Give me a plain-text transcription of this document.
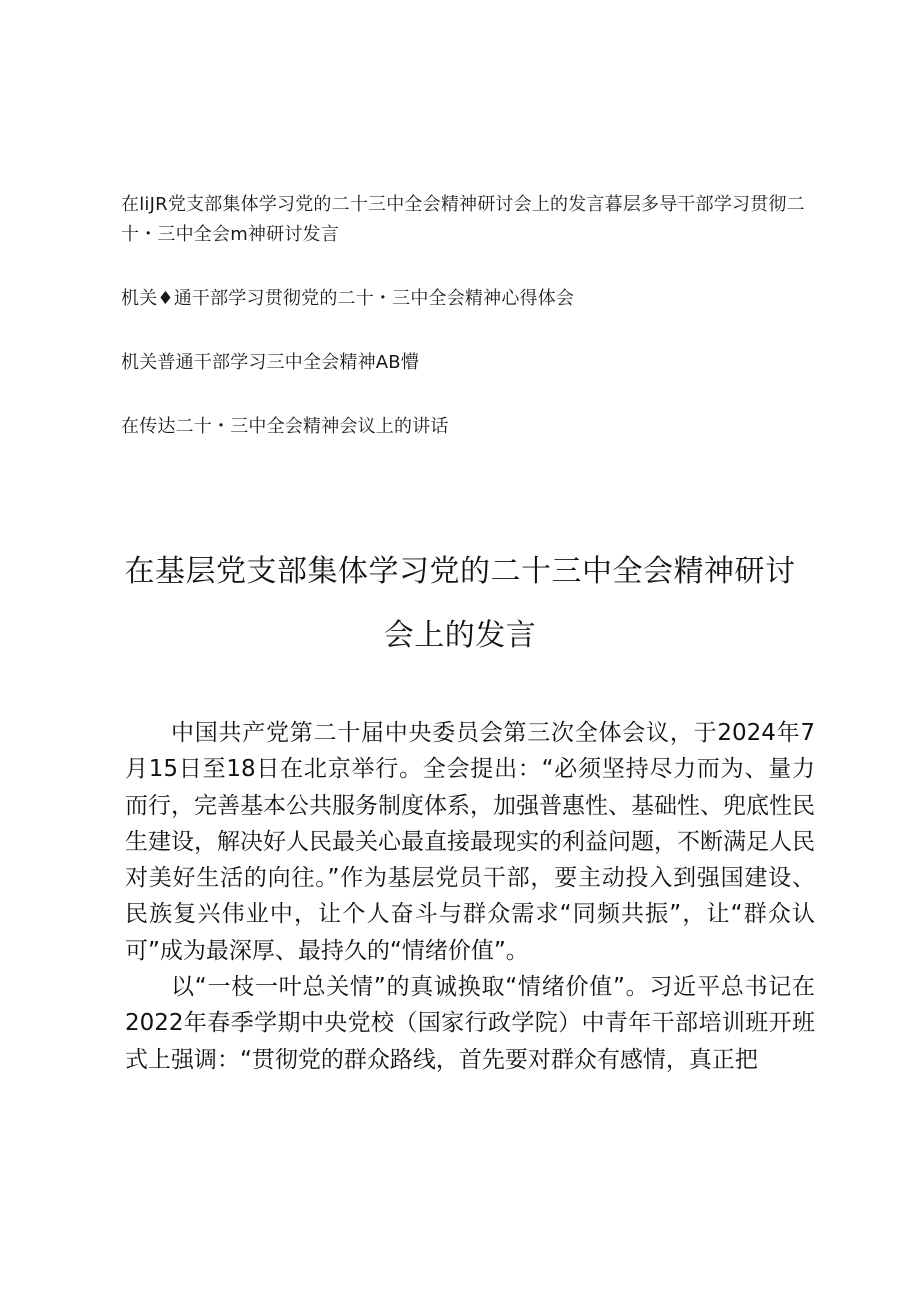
在liJR党支部集体学习党的二十三中全会精神研讨会上的发言暮层多导干部学习贯彻二十・三中全会m神研讨发言

机关♦通干部学习贯彻党的二十・三中全会精神心得体会

机关普通干部学习三中全会精神AB懵

在传达二十・三中全会精神会议上的讲话

在基层党支部集体学习党的二十三中全会精神研讨会上的发言

中国共产党第二十届中央委员会第三次全体会议，于2024年7月15日至18日在北京举行。全会提出：“必须坚持尽力而为、量力而行，完善基本公共服务制度体系，加强普惠性、基础性、兜底性民生建设，解决好人民最关心最直接最现实的利益问题，不断满足人民对美好生活的向往。”作为基层党员干部，要主动投入到强国建设、民族复兴伟业中，让个人奋斗与群众需求“同频共振”，让“群众认可”成为最深厚、最持久的“情绪价值”。

以“一枝一叶总关情”的真诚换取“情绪价值”。习近平总书记在2022年春季学期中央党校（国家行政学院）中青年干部培训班开班式上强调：“贯彻党的群众路线，首先要对群众有感情，真正把
